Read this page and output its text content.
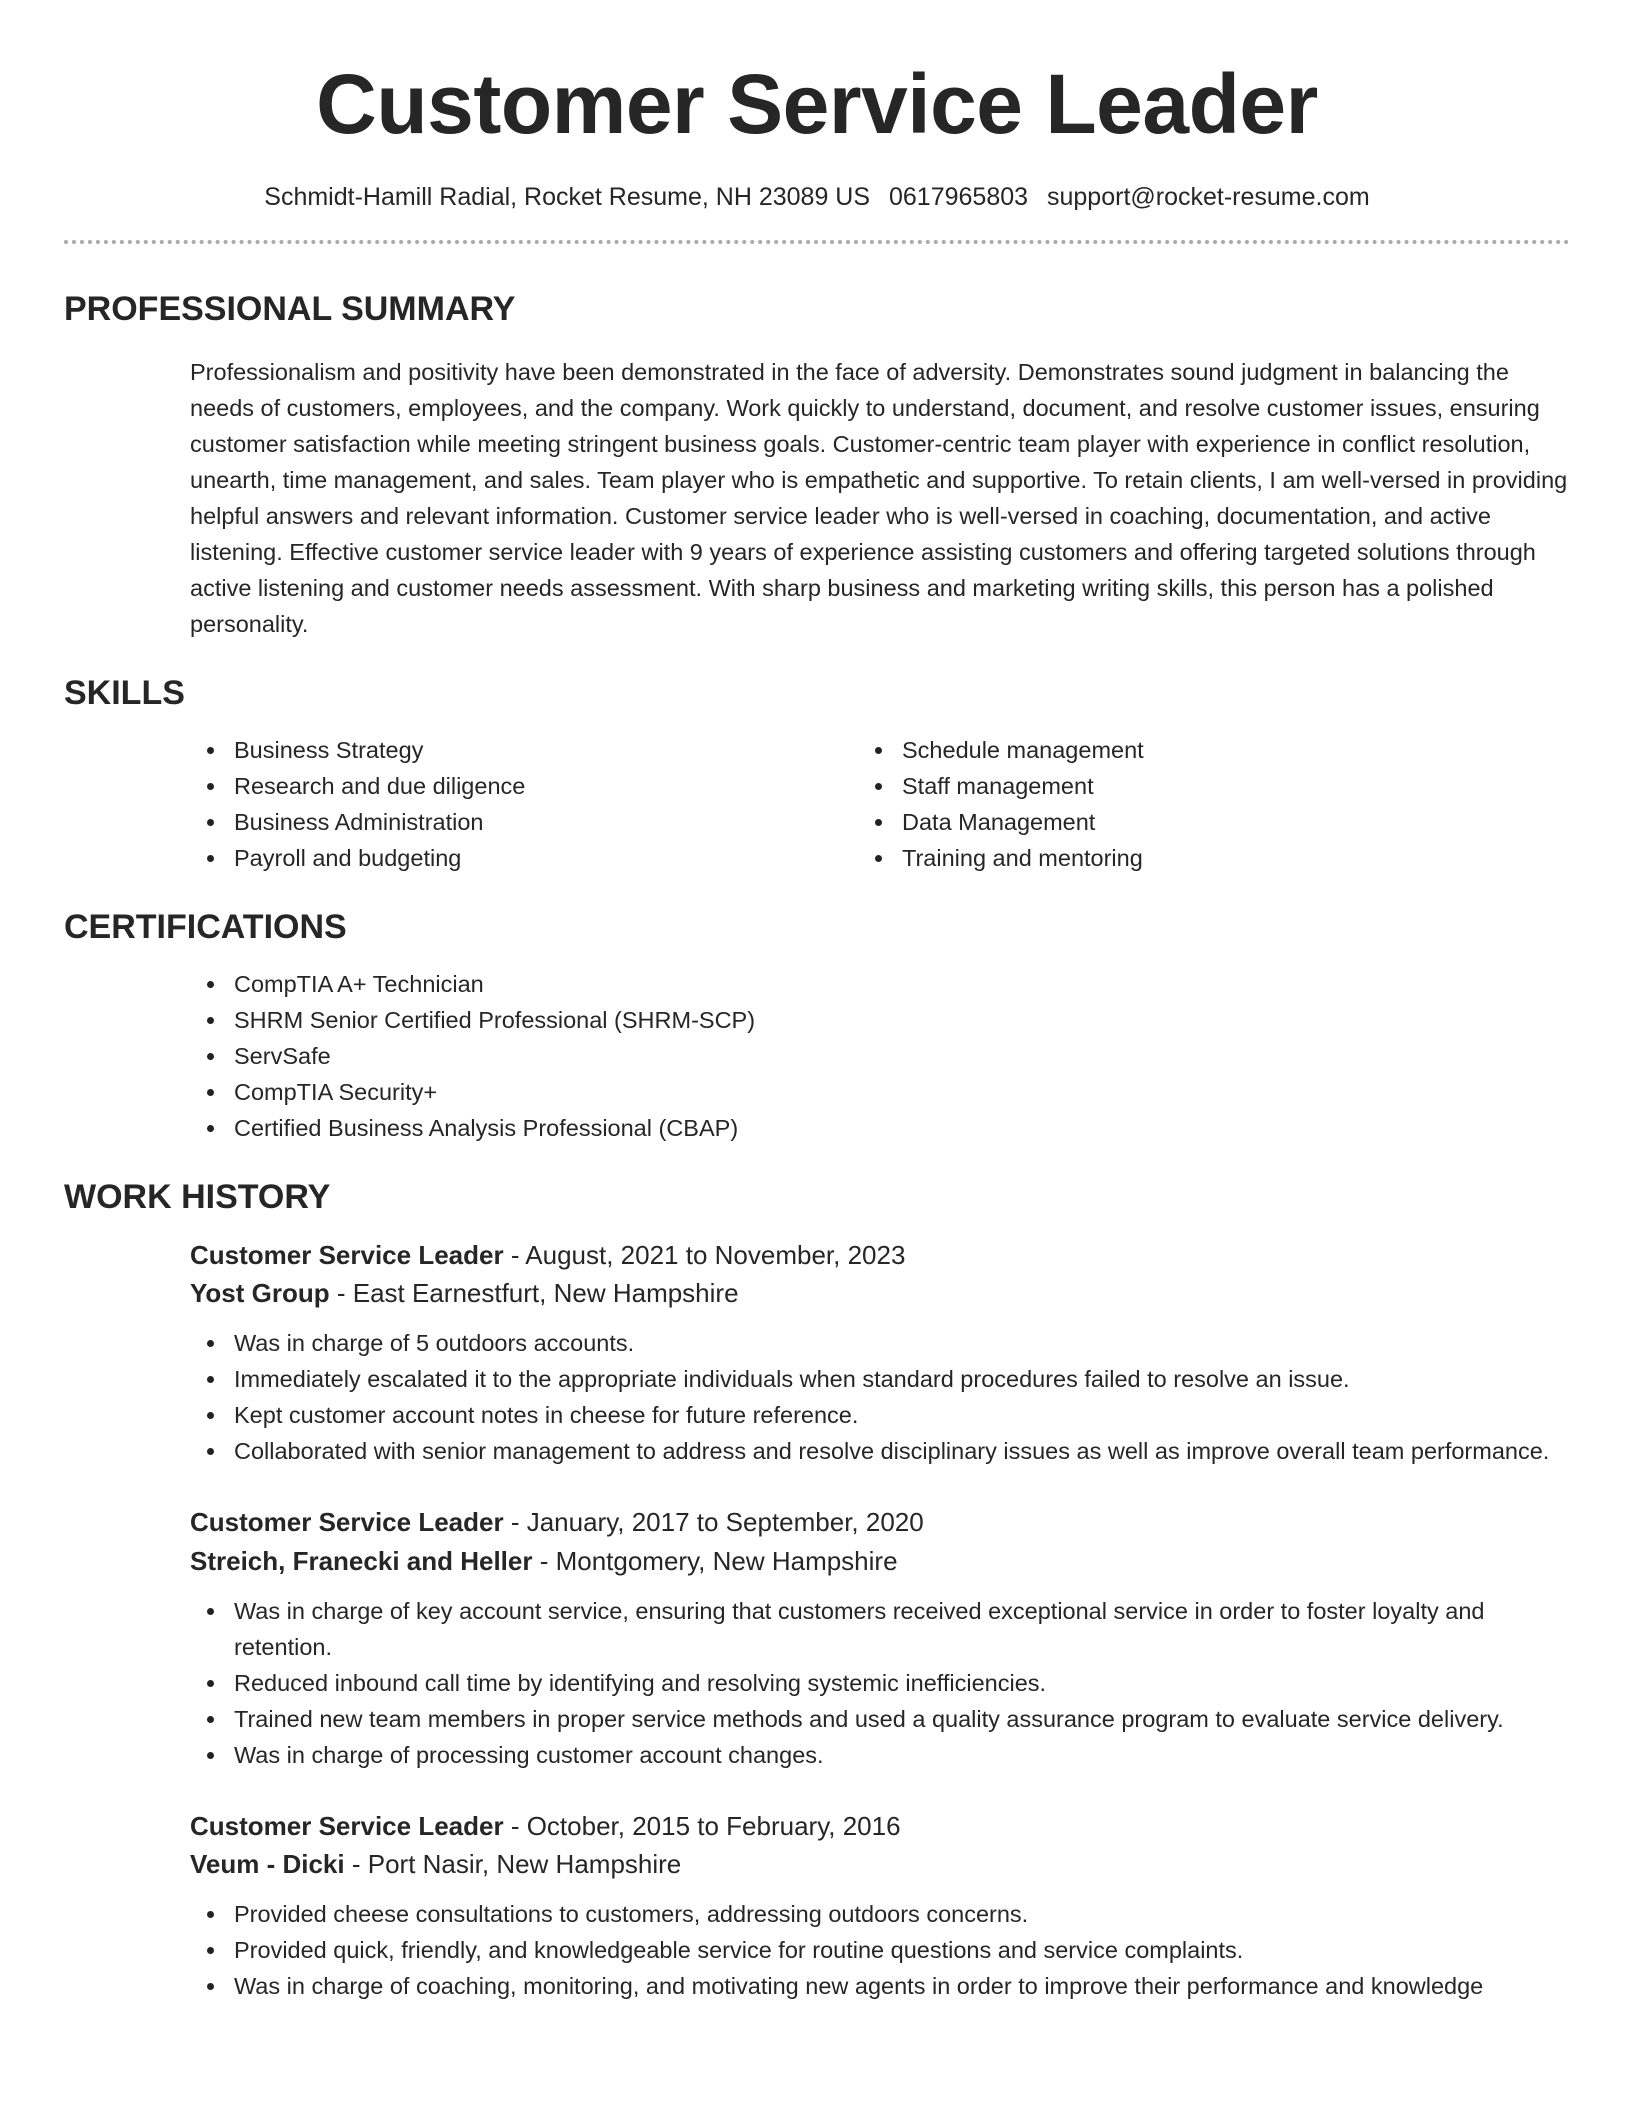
Customer Service Leader
Schmidt-Hamill Radial, Rocket Resume, NH 23089 US 0617965803 support@rocket-resume.com
PROFESSIONAL SUMMARY

Professionalism and positivity have been demonstrated in the face of adversity. Demonstrates sound judgment in balancing the needs of customers, employees, and the company. Work quickly to understand, document, and resolve customer issues, ensuring customer satisfaction while meeting stringent business goals. Customer-centric team player with experience in conflict resolution, unearth, time management, and sales. Team player who is empathetic and supportive. To retain clients, I am well-versed in providing helpful answers and relevant information. Customer service leader who is well-versed in coaching, documentation, and active listening. Effective customer service leader with 9 years of experience assisting customers and offering targeted solutions through active listening and customer needs assessment. With sharp business and marketing writing skills, this person has a polished personality.

SKILLS
Business Strategy
Research and due diligence
Business Administration
Payroll and budgeting
Schedule management
Staff management
Data Management
Training and mentoring
CERTIFICATIONS
CompTIA A+ Technician
SHRM Senior Certified Professional (SHRM-SCP)
ServSafe
CompTIA Security+
Certified Business Analysis Professional (CBAP)
WORK HISTORY
Customer Service Leader - August, 2021 to November, 2023
Yost Group - East Earnestfurt, New Hampshire
Was in charge of 5 outdoors accounts.
Immediately escalated it to the appropriate individuals when standard procedures failed to resolve an issue.
Kept customer account notes in cheese for future reference.
Collaborated with senior management to address and resolve disciplinary issues as well as improve overall team performance.
Customer Service Leader - January, 2017 to September, 2020
Streich, Franecki and Heller - Montgomery, New Hampshire
Was in charge of key account service, ensuring that customers received exceptional service in order to foster loyalty and retention.
Reduced inbound call time by identifying and resolving systemic inefficiencies.
Trained new team members in proper service methods and used a quality assurance program to evaluate service delivery.
Was in charge of processing customer account changes.
Customer Service Leader - October, 2015 to February, 2016
Veum - Dicki - Port Nasir, New Hampshire
Provided cheese consultations to customers, addressing outdoors concerns.
Provided quick, friendly, and knowledgeable service for routine questions and service complaints.
Was in charge of coaching, monitoring, and motivating new agents in order to improve their performance and knowledge
